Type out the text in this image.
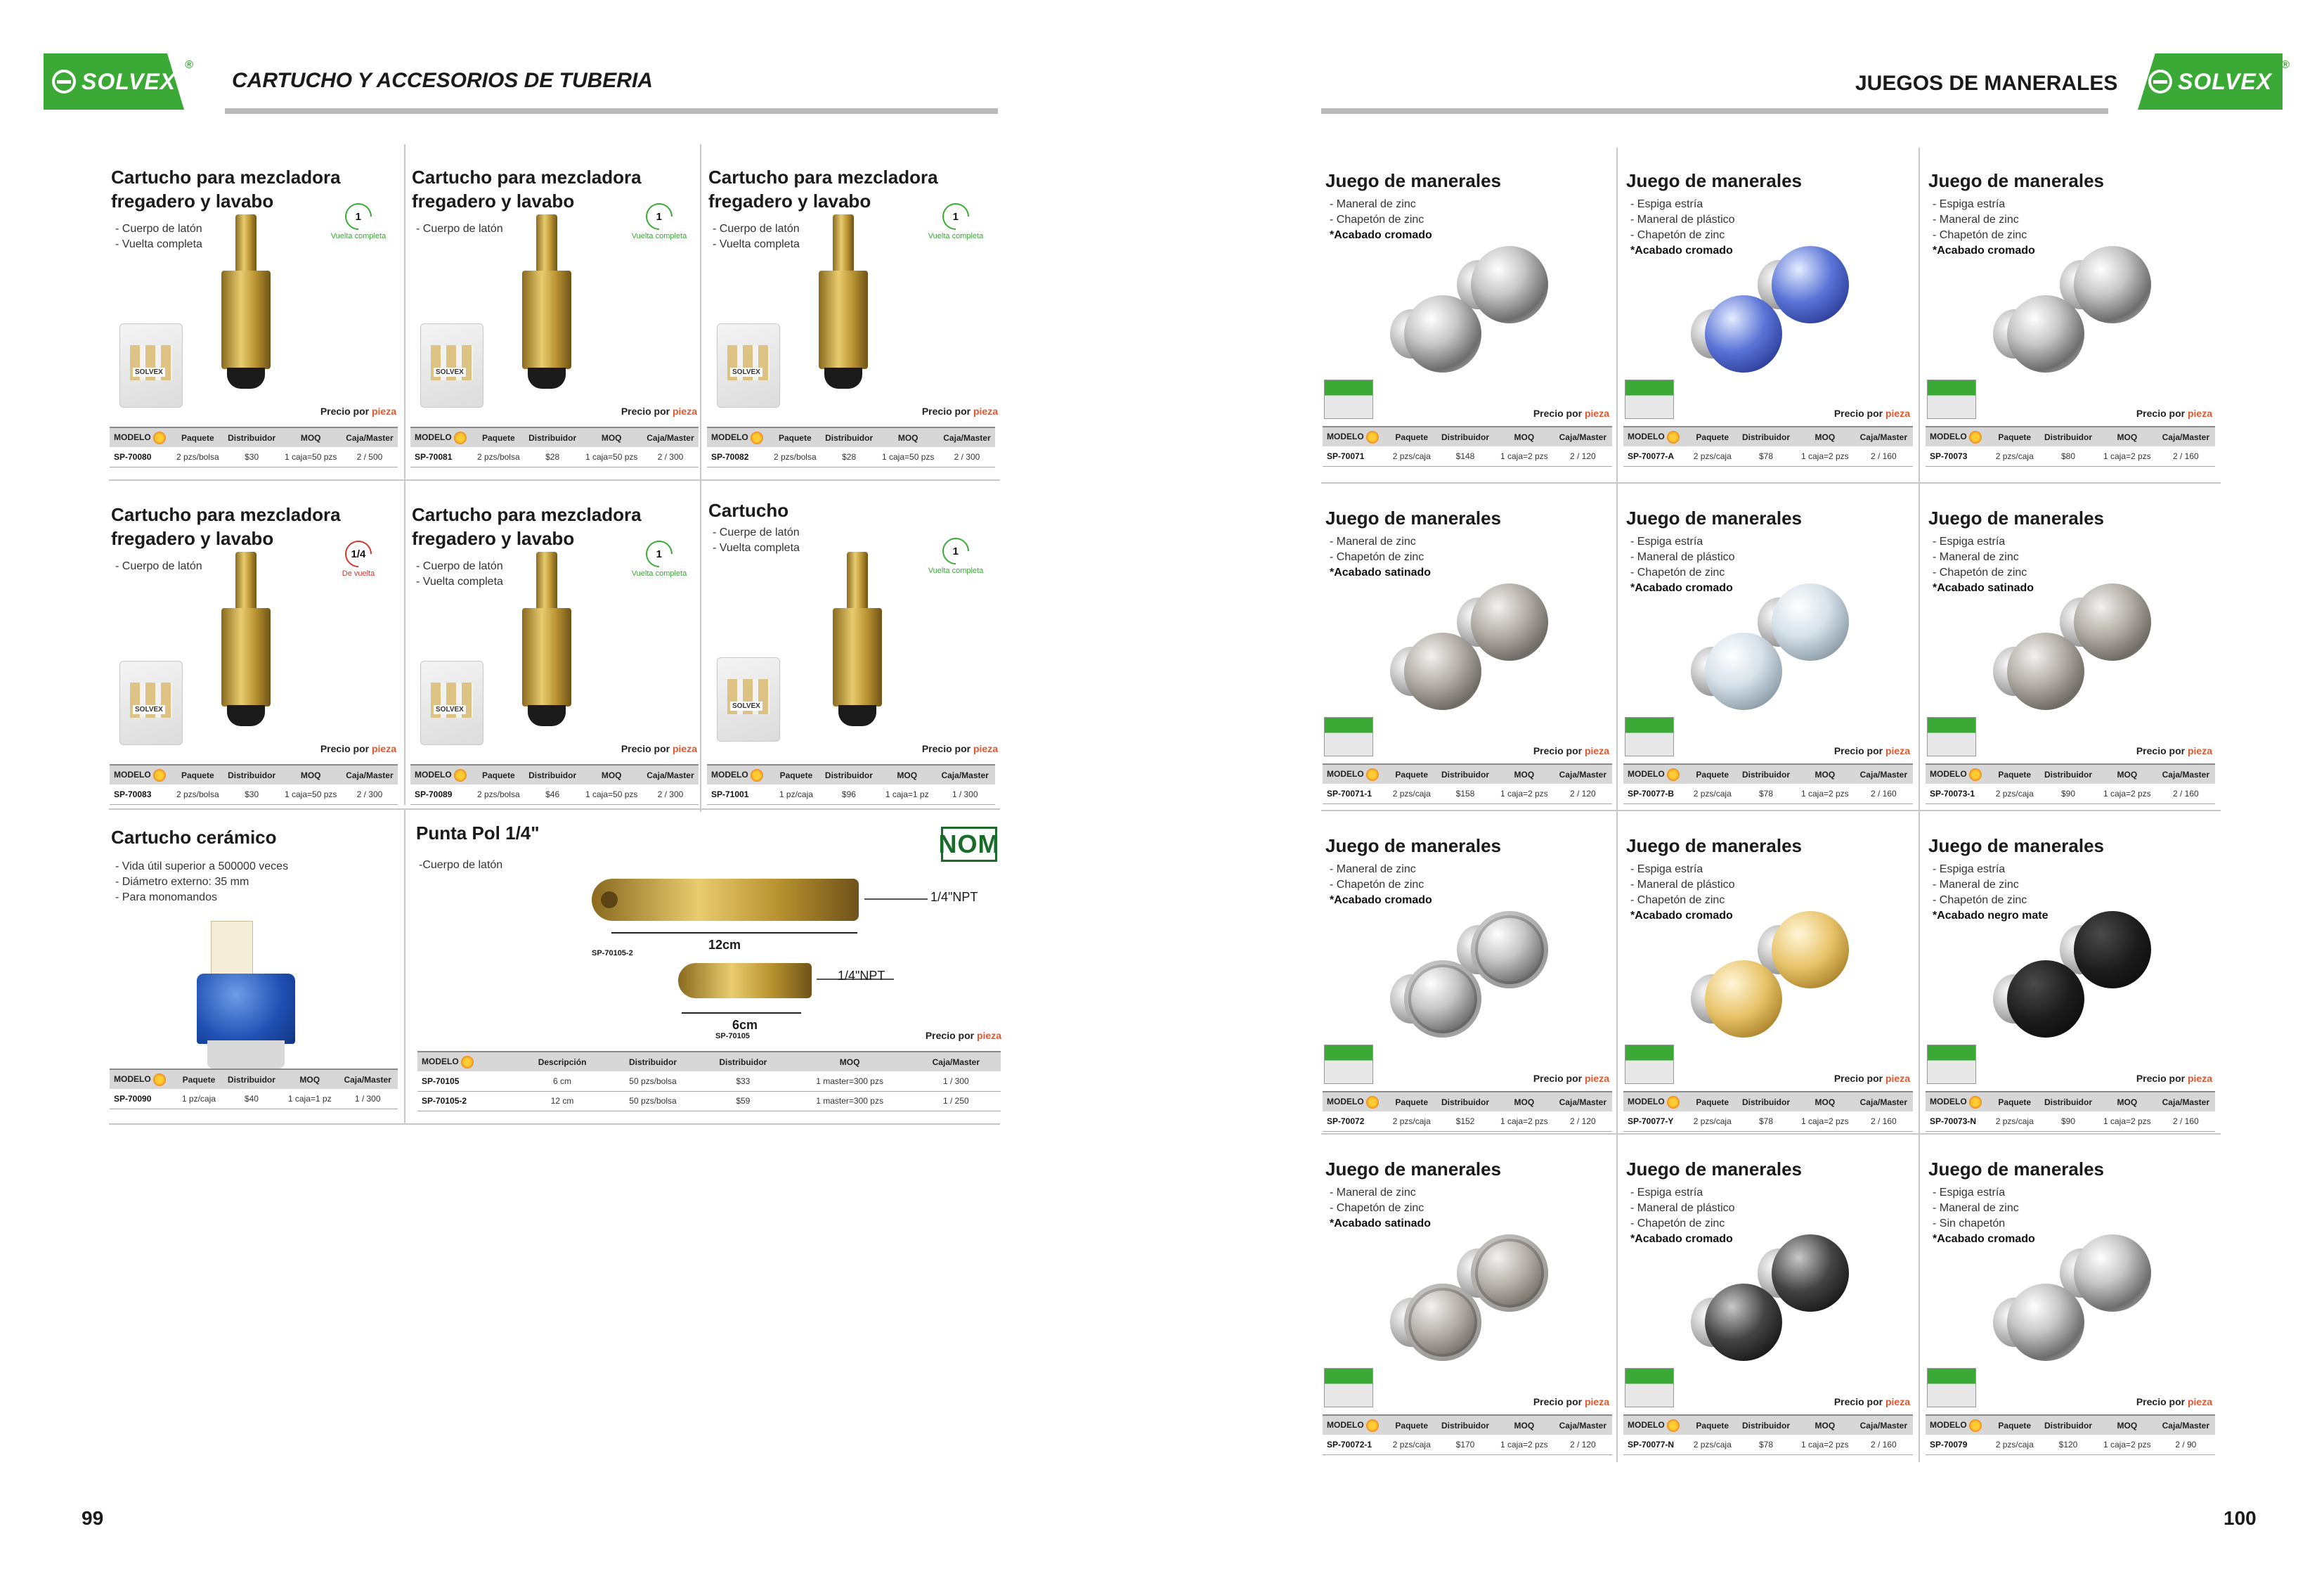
SOLVEX
®
CARTUCHO Y ACCESORIOS DE TUBERIA	JUEGOS DE MANERALES	SOLVEX
®
Cartucho para mezcladora
fregadero y lavabo
- Cuerpo de latón
- Vuelta completa
1
Vuelta completa
SOLVEX
Precio por pieza
MODELO	Paquete	Distribuidor	MOQ	Caja/Master
SP-70080	2 pzs/bolsa	$30	1 caja=50 pzs	2 / 500
Cartucho para mezcladora
fregadero y lavabo
- Cuerpo de latón
1
Vuelta completa
SOLVEX
Precio por pieza
MODELO	Paquete	Distribuidor	MOQ	Caja/Master
SP-70081	2 pzs/bolsa	$28	1 caja=50 pzs	2 / 300
Cartucho para mezcladora
fregadero y lavabo
- Cuerpo de latón
- Vuelta completa
1
Vuelta completa
SOLVEX
Precio por pieza
MODELO	Paquete	Distribuidor	MOQ	Caja/Master
SP-70082	2 pzs/bolsa	$28	1 caja=50 pzs	2 / 300
Cartucho para mezcladora
fregadero y lavabo
- Cuerpo de latón
1/4
De vuelta
SOLVEX
Precio por pieza
MODELO	Paquete	Distribuidor	MOQ	Caja/Master
SP-70083	2 pzs/bolsa	$30	1 caja=50 pzs	2 / 300
Cartucho para mezcladora
fregadero y lavabo
- Cuerpo de latón
- Vuelta completa
1
Vuelta completa
SOLVEX
Precio por pieza
MODELO	Paquete	Distribuidor	MOQ	Caja/Master
SP-70089	2 pzs/bolsa	$46	1 caja=50 pzs	2 / 300
Cartucho
- Cuerpe de latón
- Vuelta completa	1
Vuelta completa
SOLVEX
Precio por pieza
MODELO	Paquete	Distribuidor	MOQ	Caja/Master
SP-71001	1 pz/caja	$96	1 caja=1 pz	1 / 300
Cartucho cerámico
- Vida útil superior a 500000 veces
- Diámetro externo: 35 mm
- Para monomandos
MODELO	Paquete	Distribuidor	MOQ	Caja/Master
SP-70090	1 pz/caja	$40	1 caja=1 pz	1 / 300
Punta Pol 1/4"
-Cuerpo de latón
NOM
1/4"NPT
12cm
SP-70105-2
1/4"NPT
6cm
SP-70105	Precio por pieza
MODELO	Descripción	Distribuidor	Distribuidor	MOQ	Caja/Master
SP-70105	6 cm	50 pzs/bolsa	$33	1 master=300 pzs	1 / 300
SP-70105-2	12 cm	50 pzs/bolsa	$59	1 master=300 pzs	1 / 250
Juego de manerales
- Maneral de zinc
- Chapetón de zinc
*Acabado cromado
Precio por pieza
MODELO	Paquete	Distribuidor	MOQ	Caja/Master
SP-70071	2 pzs/caja	$148	1 caja=2 pzs	2 / 120
Juego de manerales
- Espiga estría
- Maneral de plástico
- Chapetón de zinc
*Acabado cromado
Precio por pieza
MODELO	Paquete	Distribuidor	MOQ	Caja/Master
SP-70077-A	2 pzs/caja	$78	1 caja=2 pzs	2 / 160
Juego de manerales
- Espiga estría
- Maneral de zinc
- Chapetón de zinc
*Acabado cromado
Precio por pieza
MODELO	Paquete	Distribuidor	MOQ	Caja/Master
SP-70073	2 pzs/caja	$80	1 caja=2 pzs	2 / 160
Juego de manerales
- Maneral de zinc
- Chapetón de zinc
*Acabado satinado
Precio por pieza
MODELO	Paquete	Distribuidor	MOQ	Caja/Master
SP-70071-1	2 pzs/caja	$158	1 caja=2 pzs	2 / 120
Juego de manerales
- Espiga estría
- Maneral de plástico
- Chapetón de zinc
*Acabado cromado
Precio por pieza
MODELO	Paquete	Distribuidor	MOQ	Caja/Master
SP-70077-B	2 pzs/caja	$78	1 caja=2 pzs	2 / 160
Juego de manerales
- Espiga estría
- Maneral de zinc
- Chapetón de zinc
*Acabado satinado
Precio por pieza
MODELO	Paquete	Distribuidor	MOQ	Caja/Master
SP-70073-1	2 pzs/caja	$90	1 caja=2 pzs	2 / 160
Juego de manerales
- Maneral de zinc
- Chapetón de zinc
*Acabado cromado
Precio por pieza
MODELO	Paquete	Distribuidor	MOQ	Caja/Master
SP-70072	2 pzs/caja	$152	1 caja=2 pzs	2 / 120
Juego de manerales
- Espiga estría
- Maneral de plástico
- Chapetón de zinc
*Acabado cromado
Precio por pieza
MODELO	Paquete	Distribuidor	MOQ	Caja/Master
SP-70077-Y	2 pzs/caja	$78	1 caja=2 pzs	2 / 160
Juego de manerales
- Espiga estría
- Maneral de zinc
- Chapetón de zinc
*Acabado negro mate
Precio por pieza
MODELO	Paquete	Distribuidor	MOQ	Caja/Master
SP-70073-N	2 pzs/caja	$90	1 caja=2 pzs	2 / 160
Juego de manerales
- Maneral de zinc
- Chapetón de zinc
*Acabado satinado
Precio por pieza
MODELO	Paquete	Distribuidor	MOQ	Caja/Master
SP-70072-1	2 pzs/caja	$170	1 caja=2 pzs	2 / 120
Juego de manerales
- Espiga estría
- Maneral de plástico
- Chapetón de zinc
*Acabado cromado
Precio por pieza
MODELO	Paquete	Distribuidor	MOQ	Caja/Master
SP-70077-N	2 pzs/caja	$78	1 caja=2 pzs	2 / 160
Juego de manerales
- Espiga estría
- Maneral de zinc
- Sin chapetón
*Acabado cromado
Precio por pieza
MODELO	Paquete	Distribuidor	MOQ	Caja/Master
SP-70079	2 pzs/caja	$120	1 caja=2 pzs	2 / 90
99	100
